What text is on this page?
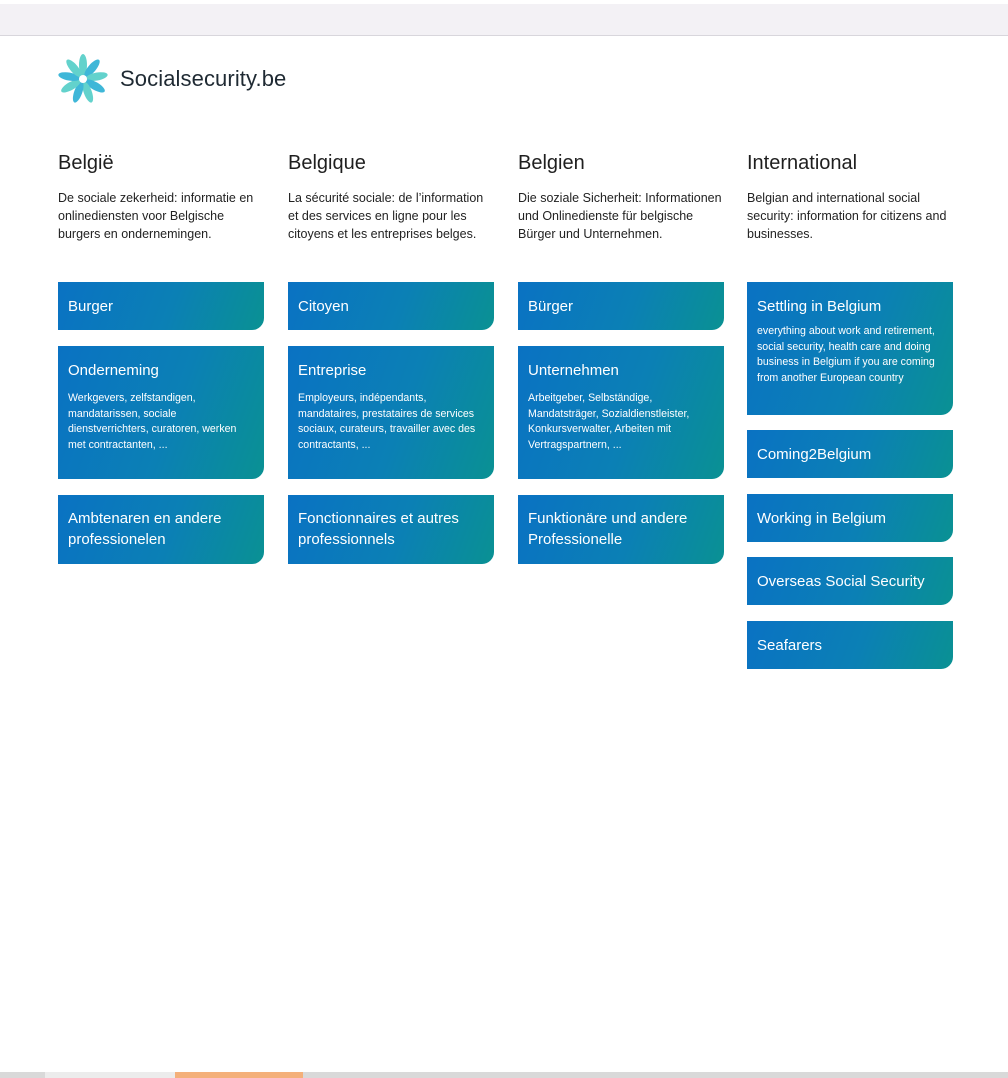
Socialsecurity.be
België

De sociale zekerheid: informatie en onlinediensten voor Belgische burgers en ondernemingen.

Burger
Onderneming
Werkgevers, zelfstandigen, mandatarissen, sociale dienstverrichters, curatoren, werken met contractanten, ...
Ambtenaren en andere professionelen
Belgique

La sécurité sociale: de l’information et des services en ligne pour les citoyens et les entreprises belges.

Citoyen
Entreprise
Employeurs, indépendants, mandataires, prestataires de services sociaux, curateurs, travailler avec des contractants, ...
Fonctionnaires et autres professionnels
Belgien

Die soziale Sicherheit: Informationen und Onlinedienste für belgische Bürger und Unternehmen.

Bürger
Unternehmen
Arbeitgeber, Selbständige, Mandatsträger, Sozialdienstleister, Konkursverwalter, Arbeiten mit Vertragspartnern, ...
Funktionäre und andere Professionelle
International

Belgian and international social security: information for citizens and businesses.

Settling in Belgium
everything about work and retirement, social security, health care and doing business in Belgium if you are coming from another European country
Coming2Belgium
Working in Belgium
Overseas Social Security
Seafarers
